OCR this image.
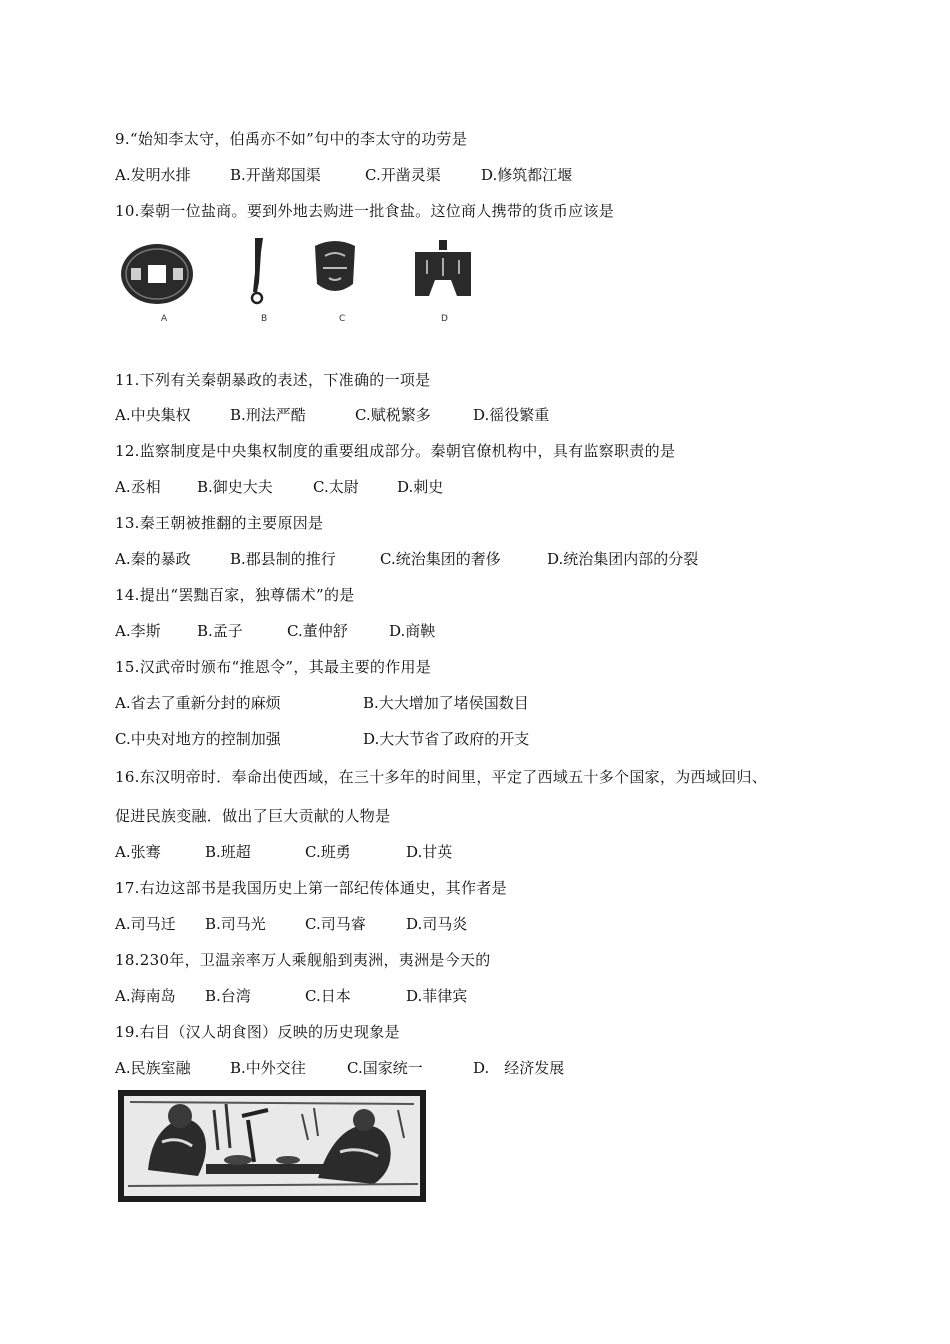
9.“始知李太守，伯禹亦不如”句中的李太守的功劳是
A.发明水排	B.开凿郑国渠	C.开凿灵渠	D.修筑都江堰
10.秦朝一位盐商。要到外地去购进一批食盐。这位商人携带的货币应该是
A	B	C	D
11.下列有关秦朝暴政的表述，下准确的一项是
A.中央集权	B.刑法严酷	C.赋税繁多	D.徭役繁重
12.监察制度是中央集权制度的重要组成部分。秦朝官僚机构中，具有监察职责的是
A.丞相 B.御史大夫	C.太尉	D.刺史
13.秦王朝被推翻的主要原因是
A.秦的暴政	B.郡县制的推行	C.统治集团的奢侈	D.统治集团内部的分裂
14.提出“罢黜百家，独尊儒术”的是
A.李斯 B.孟子	C.董仲舒	D.商鞅
15.汉武帝时颁布“推恩令”，其最主要的作用是
A.省去了重新分封的麻烦	B.大大增加了堵侯国数目
C.中央对地方的控制加强	D.大大节省了政府的开支
16.东汉明帝时．奉命出使西域，在三十多年的时间里，平定了西域五十多个国家，为西域回归、
促进民族变融．做出了巨大贡献的人物是
A.张骞	B.班超	C.班勇	D.甘英
17.右边这部书是我国历史上第一部纪传体通史，其作者是
A.司马迁 B.司马光	C.司马睿	D.司马炎
18.230年，卫温亲率万人乘舰船到夷洲，夷洲是今天的
A.海南岛 B.台湾	C.日本	D.菲律宾
19.右目（汉人胡食图）反映的历史现象是
A.民族室融	B.中外交往	C.国家统一	D.　经济发展
